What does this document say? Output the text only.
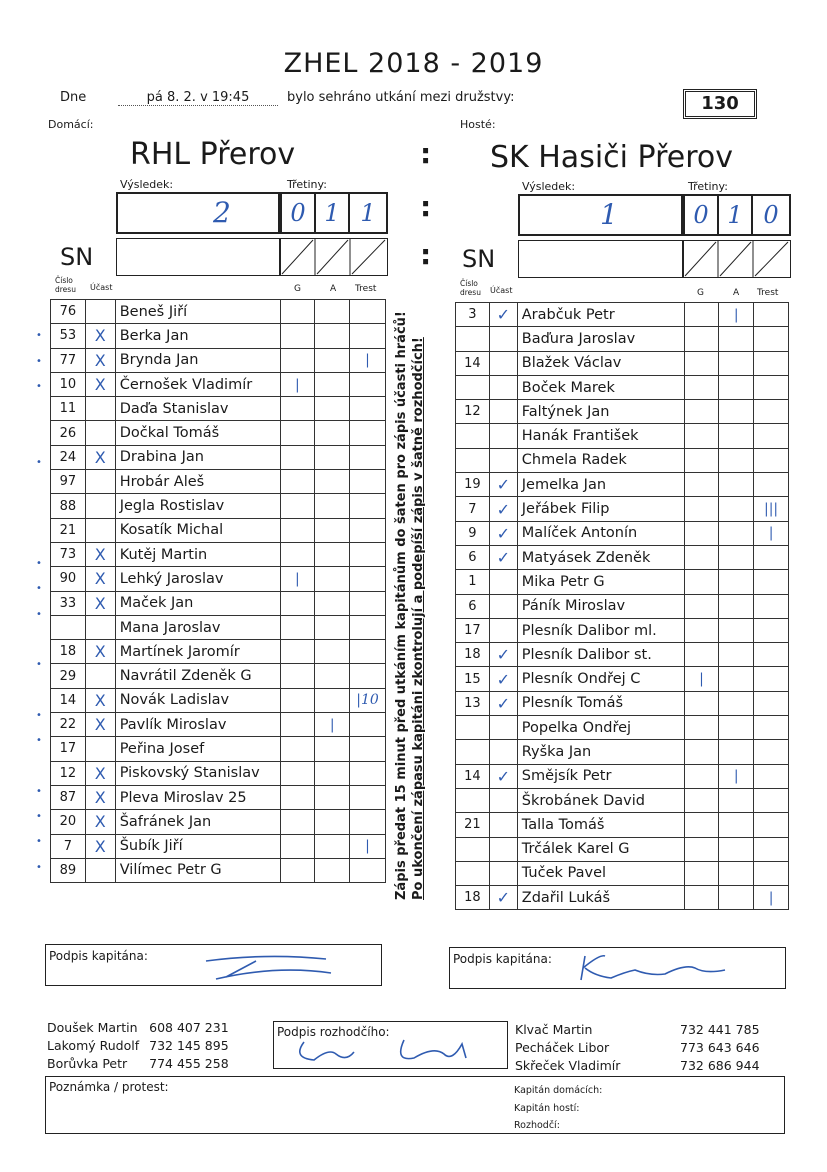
ZHEL 2018 - 2019
Dne	pá 8. 2. v 19:45	bylo sehráno utkání mezi družstvy:	130
Domácí:	Hosté:
RHL Přerov	: SK Hasiči Přerov
Výsledek:	Třetiny:
2	0 1 1	:
Výsledek:	Třetiny:
1	0 1 0
SN	: SN
Číslo dresu	Účast	G	A Trest
Číslo dresu	Účast	G	A Trest
76		Beneš Jiří			
53	X	Berka Jan			
77	X	Brynda Jan			|
10	X	Černošek Vladimír	|		
11		Daďa Stanislav			
26		Dočkal Tomáš			
24	X	Drabina Jan			
97		Hrobár Aleš			
88		Jegla Rostislav			
21		Kosatík Michal			
73	X	Kutěj Martin			
90	X	Lehký Jaroslav	|		
33	X	Maček Jan			
		Mana Jaroslav			
18	X	Martínek Jaromír			
29		Navrátil Zdeněk G			
14	X	Novák Ladislav			|10
22	X	Pavlík Miroslav		|	
17		Peřina Josef			
12	X	Piskovský Stanislav			
87	X	Pleva Miroslav 25			
20	X	Šafránek Jan			
7	X	Šubík Jiří			|
89		Vilímec Petr G			
3	✓	Arabčuk Petr		|	
		Baďura Jaroslav			
14		Blažek Václav			
		Boček Marek			
12		Faltýnek Jan			
		Hanák František			
		Chmela Radek			
19	✓	Jemelka Jan			
7	✓	Jeřábek Filip			|||
9	✓	Malíček Antonín			|
6	✓	Matyásek Zdeněk			
1		Mika Petr G			
6		Páník Miroslav			
17		Plesník Dalibor ml.			
18	✓	Plesník Dalibor st.			
15	✓	Plesník Ondřej C	|		
13	✓	Plesník Tomáš			
		Popelka Ondřej			
		Ryška Jan			
14	✓	Smějsík Petr		|	
		Škrobánek David			
21		Talla Tomáš			
		Trčálek Karel G			
		Tuček Pavel			
18	✓	Zdařil Lukáš			|
Zápis předat 15 minut před utkáním kapitánům do šaten pro zápis účasti hráčů! Po ukončení zápasu kapitáni zkontrolují a podepíší zápis v šatně rozhodčích!
Podpis kapitána:	Podpis kapitána:
Doušek Martin	608 407 231
Lakomý Rudolf	732 145 895
Borůvka Petr	774 455 258
Podpis rozhodčího:	Klvač Martin	732 441 785
Pecháček Libor	773 643 646
Skřeček Vladimír	732 686 944
Poznámka / protest:	Kapitán domácích:
Kapitán hostí:
Rozhodčí:
•
•
•
•
•
•
•
•
•
•
•
•
•
•
